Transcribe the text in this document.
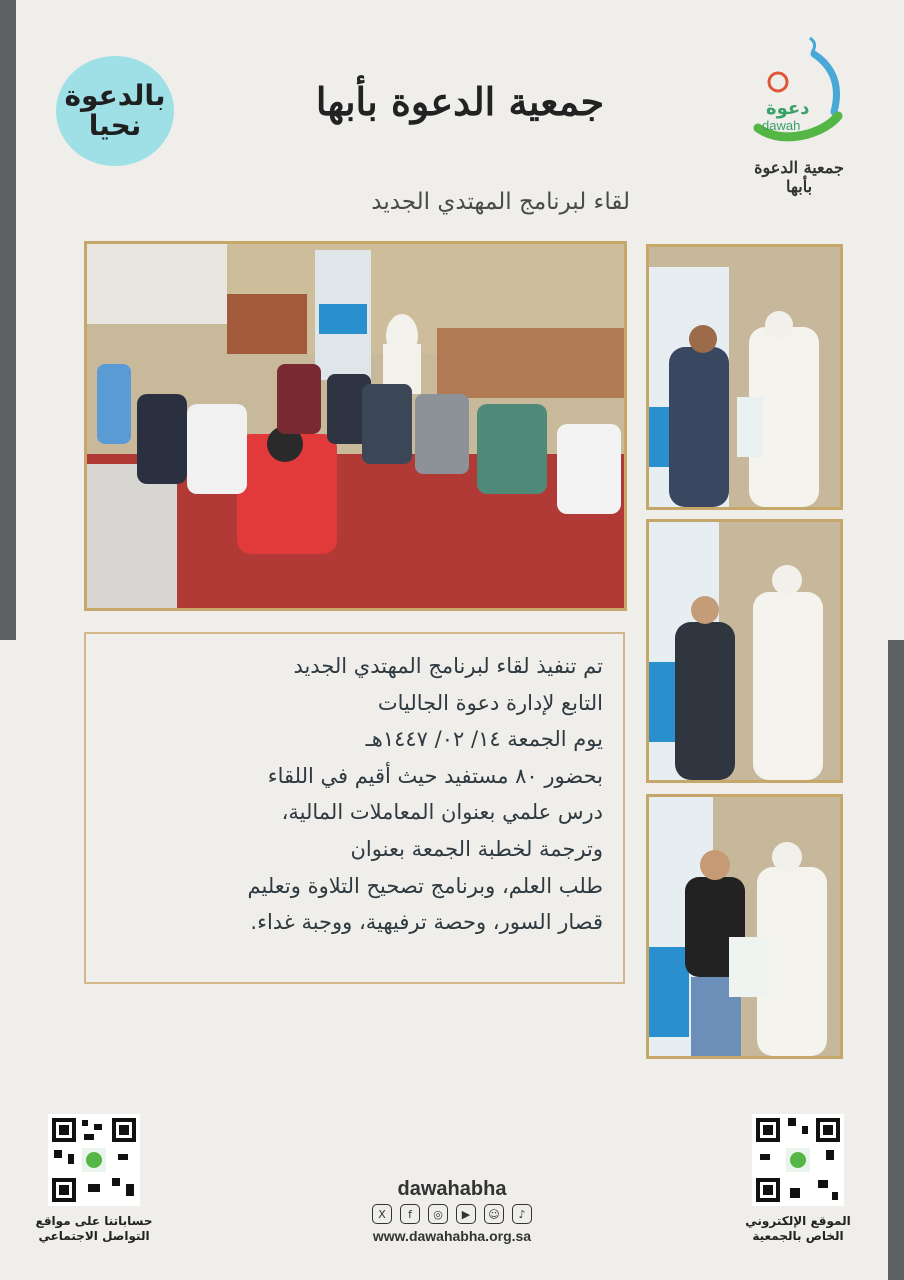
بالدعوة
نحيا
جمعية الدعوة بأبها
لقاء لبرنامج المهتدي الجديد
دعوة
dawah
جمعية الدعوة بأبها

تم تنفيذ لقاء لبرنامج المهتدي الجديد

التابع لإدارة دعوة الجاليات

يوم الجمعة ١٤/ ٠٢/ ١٤٤٧هـ

بحضور ٨٠ مستفيد حيث أقيم في اللقاء

درس علمي بعنوان المعاملات المالية،

وترجمة لخطبة الجمعة بعنوان

طلب العلم، وبرنامج تصحيح التلاوة وتعليم

قصار السور، وحصة ترفيهية، ووجبة غداء.

حساباتنا على مواقع
التواصل الاجتماعي
الموقع الإلكتروني
الخاص بالجمعية
dawahabha
X	f	◎	▶	☺	♪
www.dawahabha.org.sa
